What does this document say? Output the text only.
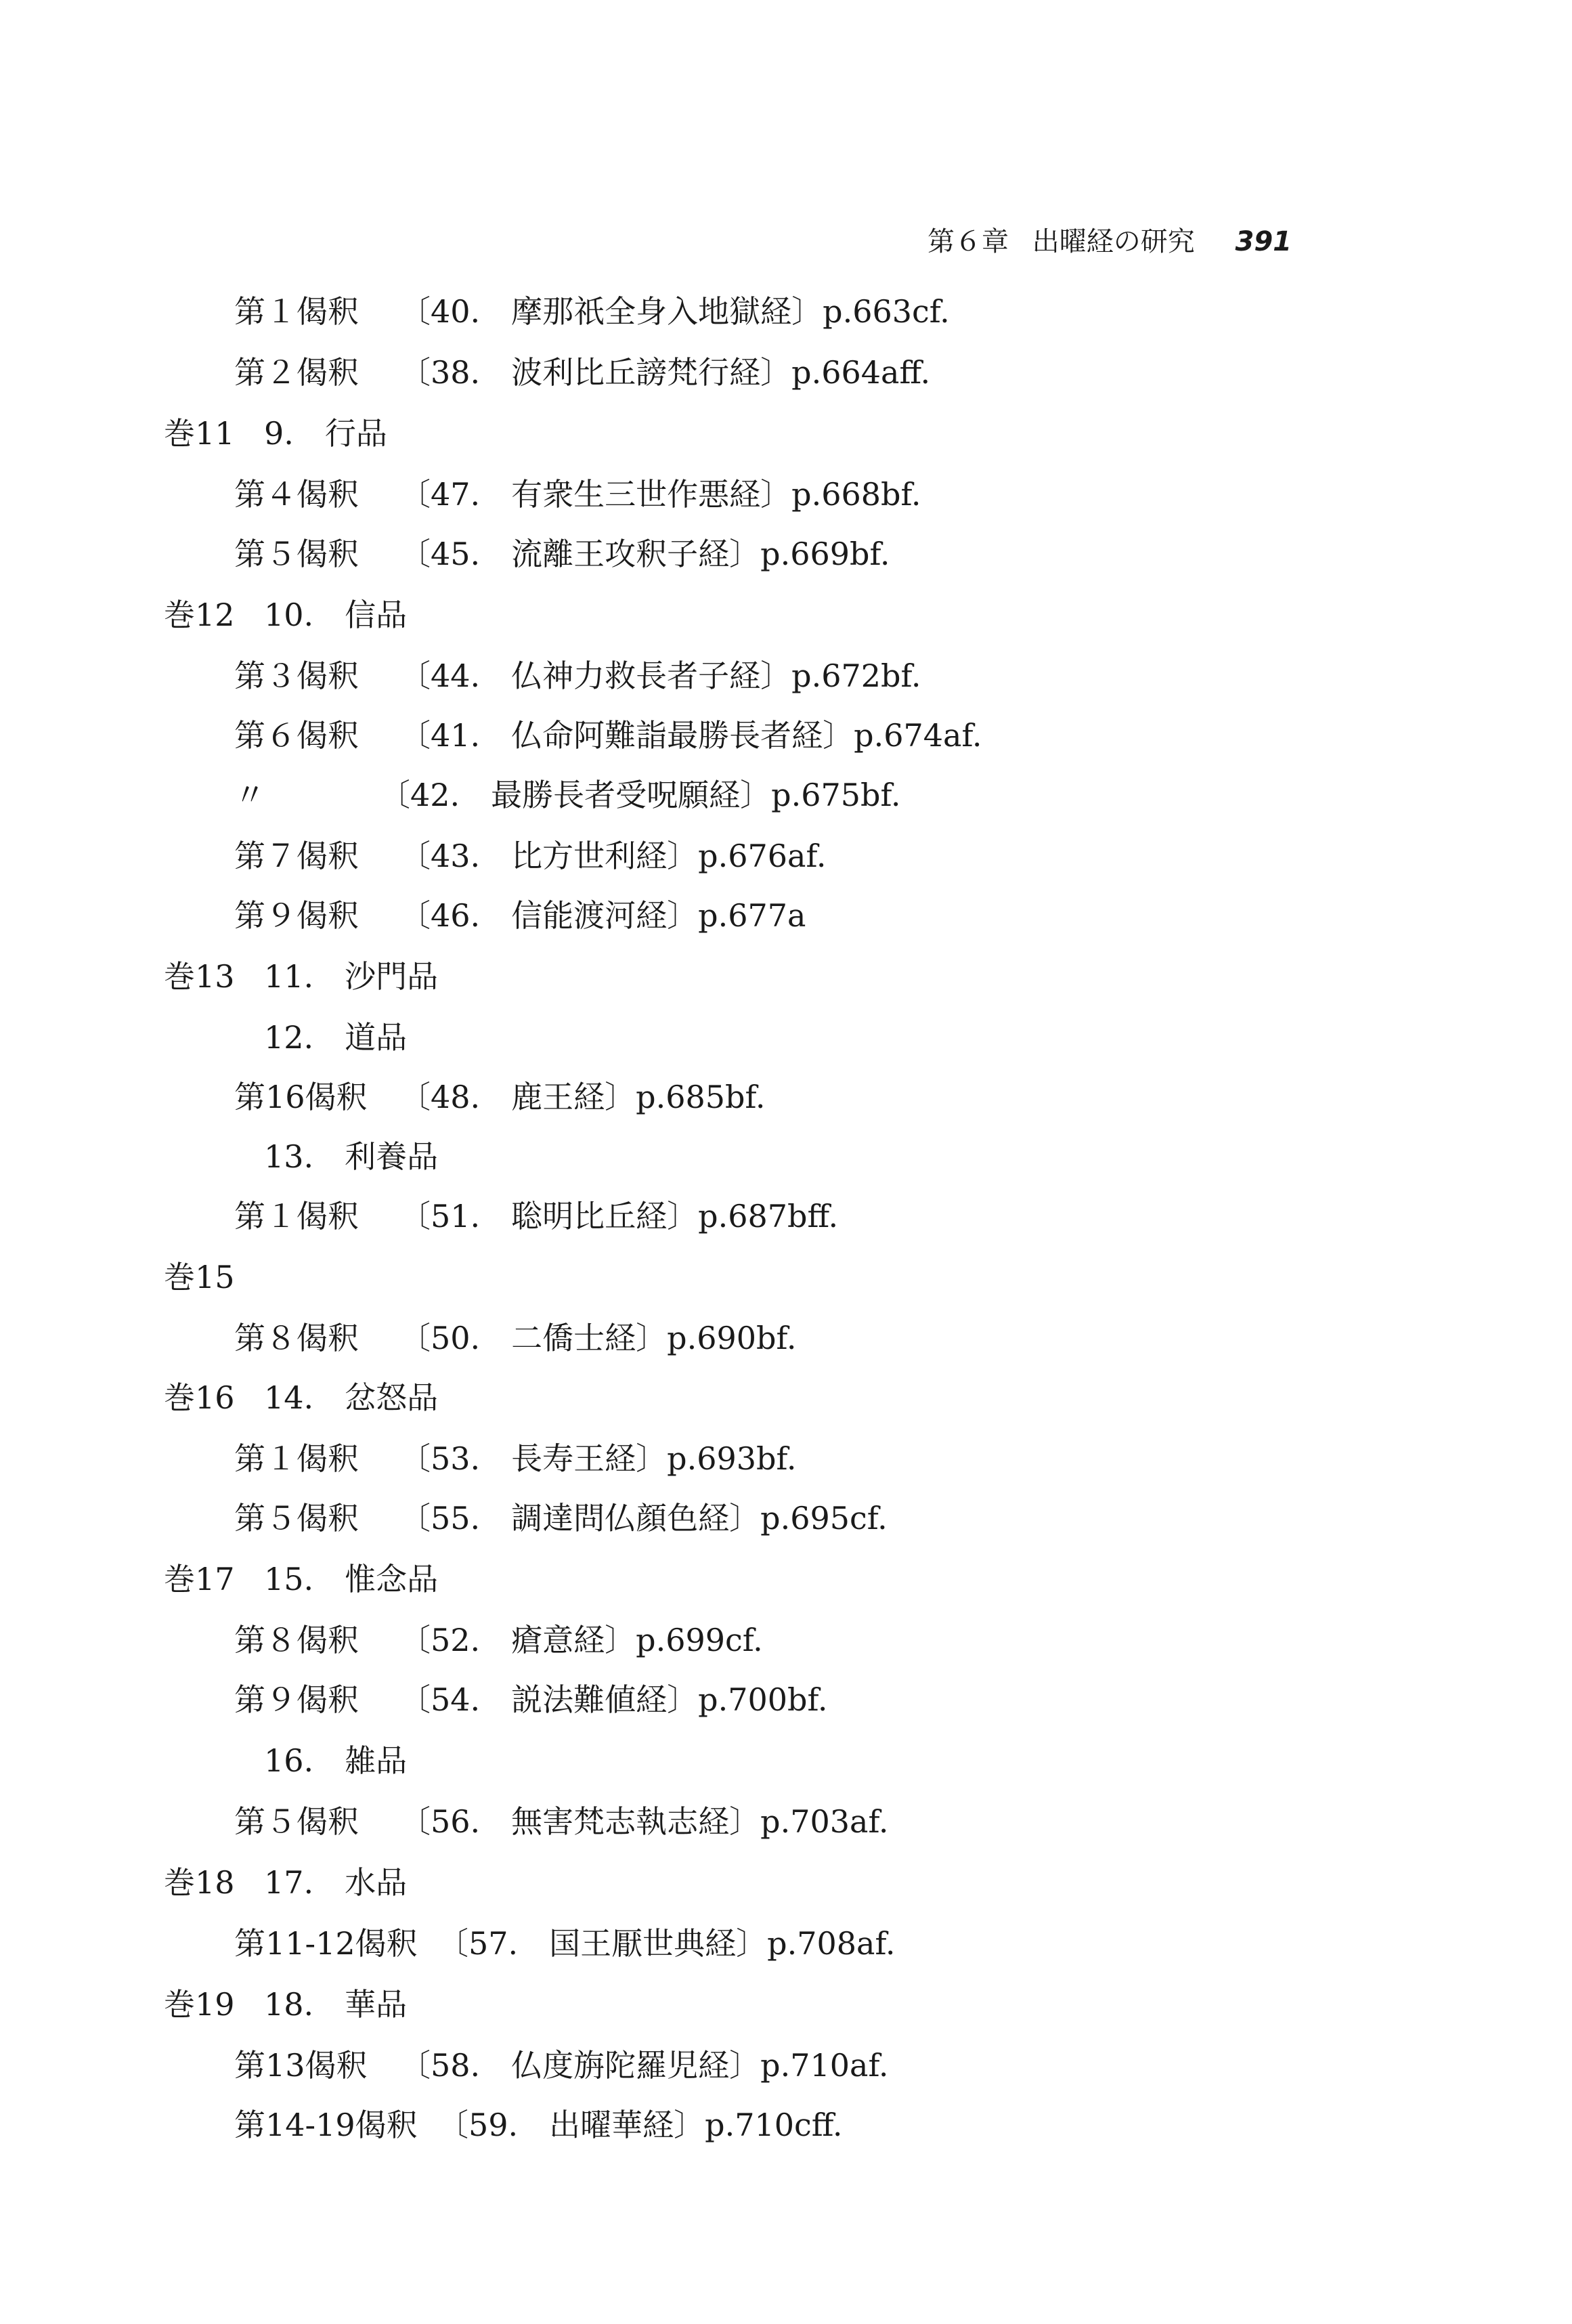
第６章 出曜経の研究 391
第１偈釈 〔40.　摩那祇全身入地獄経〕p.663cf.
第２偈釈 〔38.　波利比丘謗梵行経〕p.664aff.
巻11 9.　行品
第４偈釈 〔47.　有衆生三世作悪経〕p.668bf.
第５偈釈 〔45.　流離王攻釈子経〕p.669bf.
巻12 10.　信品
第３偈釈 〔44.　仏神力救長者子経〕p.672bf.
第６偈釈 〔41.　仏命阿難詣最勝長者経〕p.674af.
〃	〔42.　最勝長者受呪願経〕p.675bf.
第７偈釈 〔43.　比方世利経〕p.676af.
第９偈釈 〔46.　信能渡河経〕p.677a
巻13 11.　沙門品
12.　道品
第16偈釈 〔48.　鹿王経〕p.685bf.
13.　利養品
第１偈釈 〔51.　聡明比丘経〕p.687bff.
巻15
第８偈釈 〔50.　二僑士経〕p.690bf.
巻16 14.　忿怒品
第１偈釈 〔53.　長寿王経〕p.693bf.
第５偈釈 〔55.　調達問仏顔色経〕p.695cf.
巻17 15.　惟念品
第８偈釈 〔52.　瘡意経〕p.699cf.
第９偈釈 〔54.　説法難値経〕p.700bf.
16.　雑品
第５偈釈 〔56.　無害梵志執志経〕p.703af.
巻18 17.　水品
第11-12偈釈 〔57.　国王厭世典経〕p.708af.
巻19 18.　華品
第13偈釈 〔58.　仏度旃陀羅児経〕p.710af.
第14-19偈釈 〔59.　出曜華経〕p.710cff.
